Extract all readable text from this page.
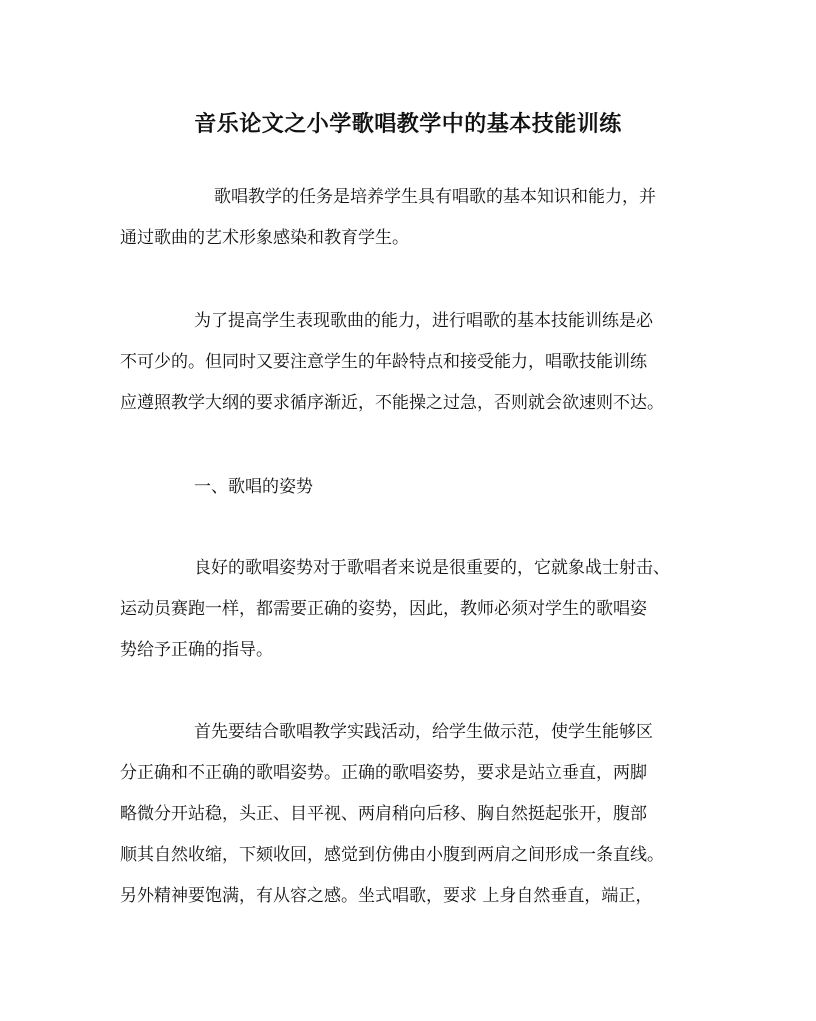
音乐论文之小学歌唱教学中的基本技能训练
歌唱教学的任务是培养学生具有唱歌的基本知识和能力，并
通过歌曲的艺术形象感染和教育学生。
为了提高学生表现歌曲的能力，进行唱歌的基本技能训练是必
不可少的。但同时又要注意学生的年龄特点和接受能力，唱歌技能训练
应遵照教学大纲的要求循序渐近，不能操之过急，否则就会欲速则不达。
一、歌唱的姿势
良好的歌唱姿势对于歌唱者来说是很重要的，它就象战士射击、
运动员赛跑一样，都需要正确的姿势，因此，教师必须对学生的歌唱姿
势给予正确的指导。
首先要结合歌唱教学实践活动，给学生做示范，使学生能够区
分正确和不正确的歌唱姿势。正确的歌唱姿势，要求是站立垂直，两脚
略微分开站稳，头正、目平视、两肩稍向后移、胸自然挺起张开，腹部
顺其自然收缩，下颏收回，感觉到仿佛由小腹到两肩之间形成一条直线。
另外精神要饱满，有从容之感。坐式唱歌，要求 上身自然垂直，端正，
